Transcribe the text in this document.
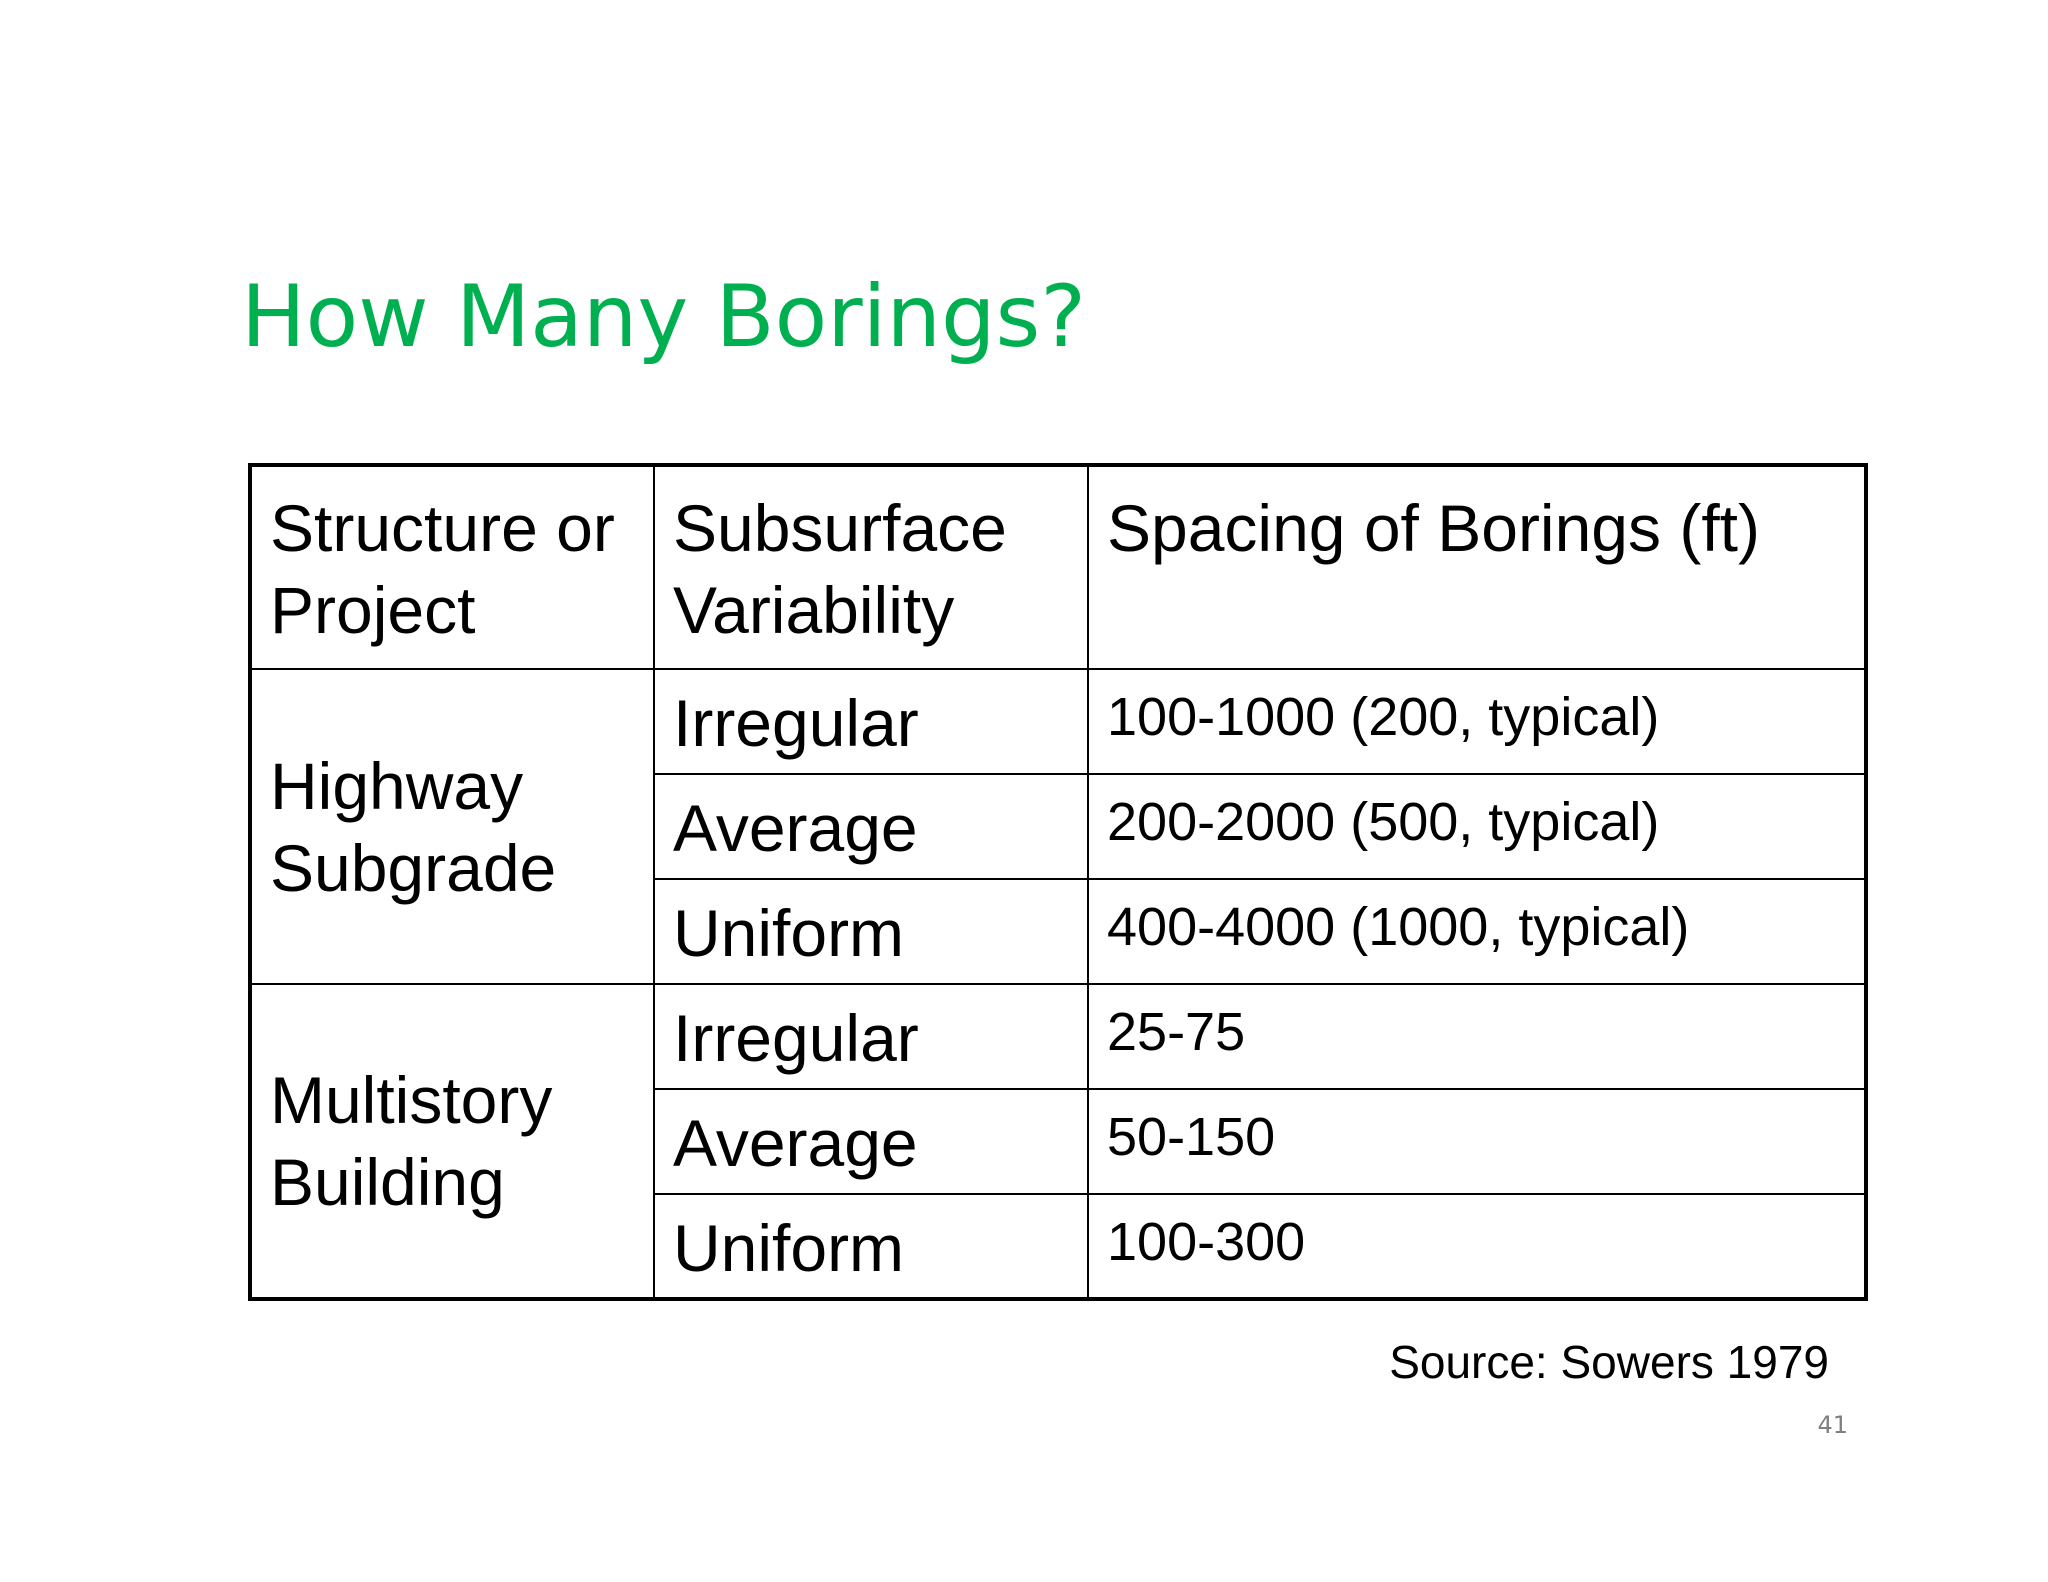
How Many Borings?
Structure or Project	Subsurface Variability	Spacing of Borings (ft)
Highway Subgrade	Irregular	100-1000 (200, typical)
	Average	200-2000 (500, typical)
	Uniform	400-4000 (1000, typical)
Multistory Building	Irregular	25-75
	Average	50-150
	Uniform	100-300
Source: Sowers 1979
41
